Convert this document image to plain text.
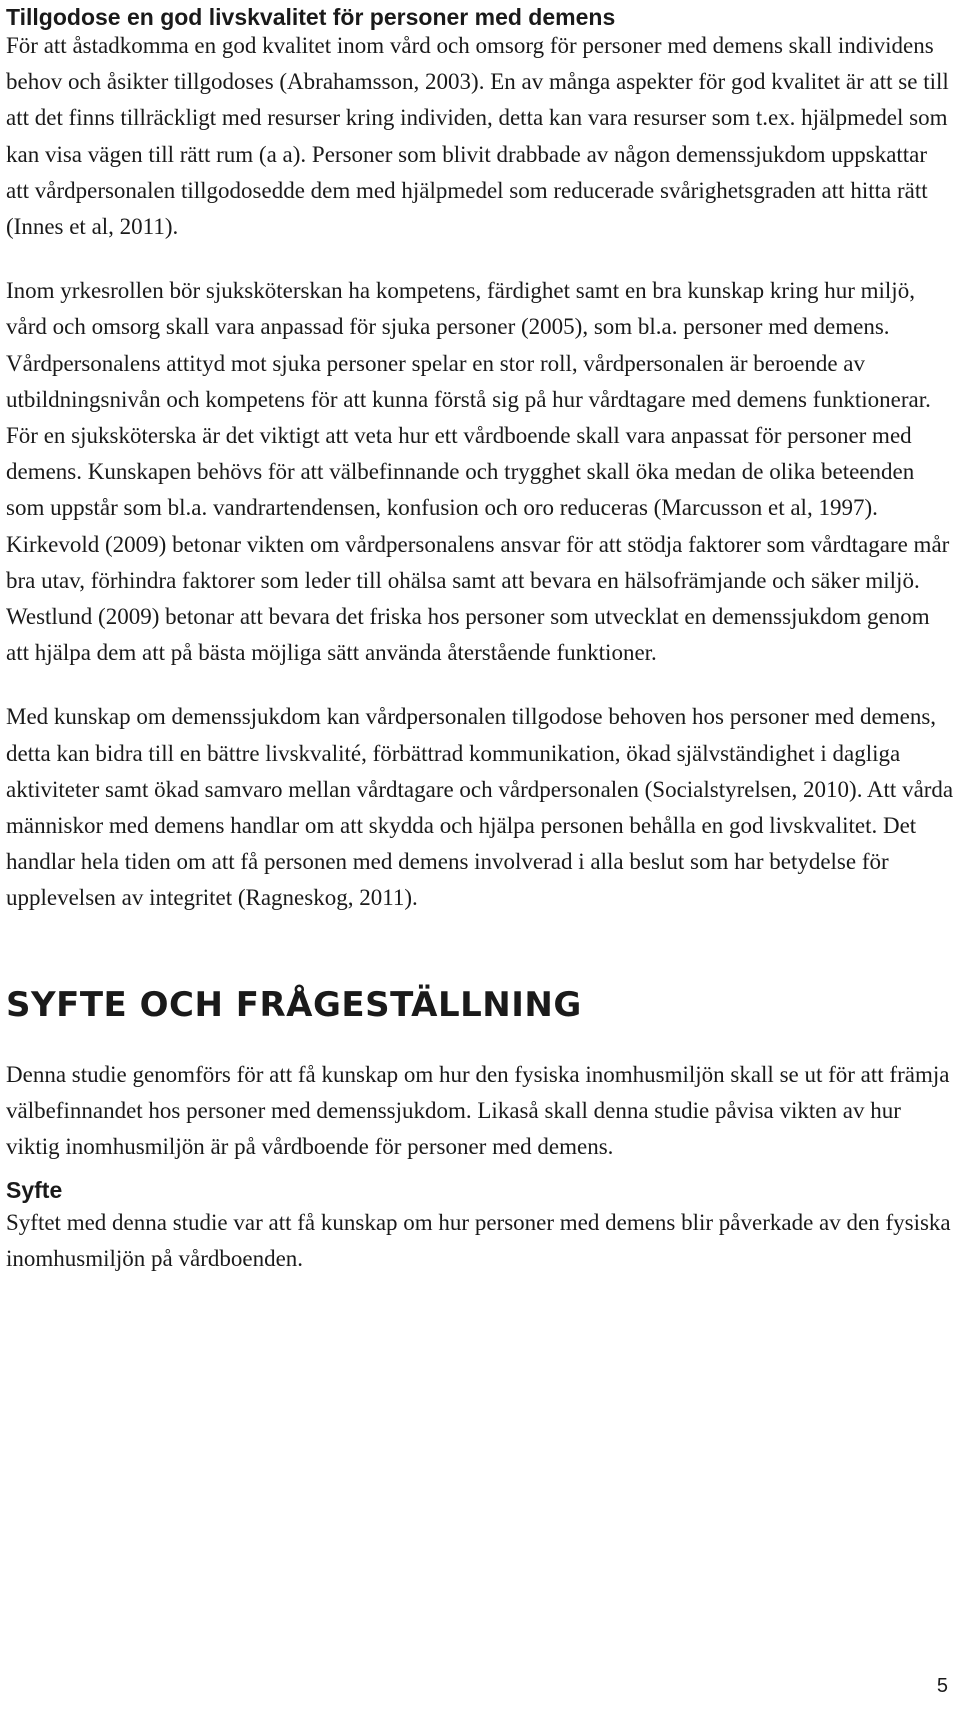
Tillgodose en god livskvalitet för personer med demens

För att åstadkomma en god kvalitet inom vård och omsorg för personer med demens skall individens behov och åsikter tillgodoses (Abrahamsson, 2003). En av många aspekter för god kvalitet är att se till att det finns tillräckligt med resurser kring individen, detta kan vara resurser som t.ex. hjälpmedel som kan visa vägen till rätt rum (a a). Personer som blivit drabbade av någon demenssjukdom uppskattar att vårdpersonalen tillgodosedde dem med hjälpmedel som reducerade svårighetsgraden att hitta rätt (Innes et al, 2011).

Inom yrkesrollen bör sjuksköterskan ha kompetens, färdighet samt en bra kunskap kring hur miljö, vård och omsorg skall vara anpassad för sjuka personer (2005), som bl.a. personer med demens. Vårdpersonalens attityd mot sjuka personer spelar en stor roll, vårdpersonalen är beroende av utbildningsnivån och kompetens för att kunna förstå sig på hur vårdtagare med demens funktionerar. För en sjuksköterska är det viktigt att veta hur ett vårdboende skall vara anpassat för personer med demens. Kunskapen behövs för att välbefinnande och trygghet skall öka medan de olika beteenden som uppstår som bl.a. vandrartendensen, konfusion och oro reduceras (Marcusson et al, 1997). Kirkevold (2009) betonar vikten om vårdpersonalens ansvar för att stödja faktorer som vårdtagare mår bra utav, förhindra faktorer som leder till ohälsa samt att bevara en hälsofrämjande och säker miljö. Westlund (2009) betonar att bevara det friska hos personer som utvecklat en demenssjukdom genom att hjälpa dem att på bästa möjliga sätt använda återstående funktioner.

Med kunskap om demenssjukdom kan vårdpersonalen tillgodose behoven hos personer med demens, detta kan bidra till en bättre livskvalité, förbättrad kommunikation, ökad självständighet i dagliga aktiviteter samt ökad samvaro mellan vårdtagare och vårdpersonalen (Socialstyrelsen, 2010). Att vårda människor med demens handlar om att skydda och hjälpa personen behålla en god livskvalitet. Det handlar hela tiden om att få personen med demens involverad i alla beslut som har betydelse för upplevelsen av integritet (Ragneskog, 2011).

SYFTE OCH FRÅGESTÄLLNING

Denna studie genomförs för att få kunskap om hur den fysiska inomhusmiljön skall se ut för att främja välbefinnandet hos personer med demenssjukdom. Likaså skall denna studie påvisa vikten av hur viktig inomhusmiljön är på vårdboende för personer med demens.

Syfte

Syftet med denna studie var att få kunskap om hur personer med demens blir påverkade av den fysiska inomhusmiljön på vårdboenden.

5
